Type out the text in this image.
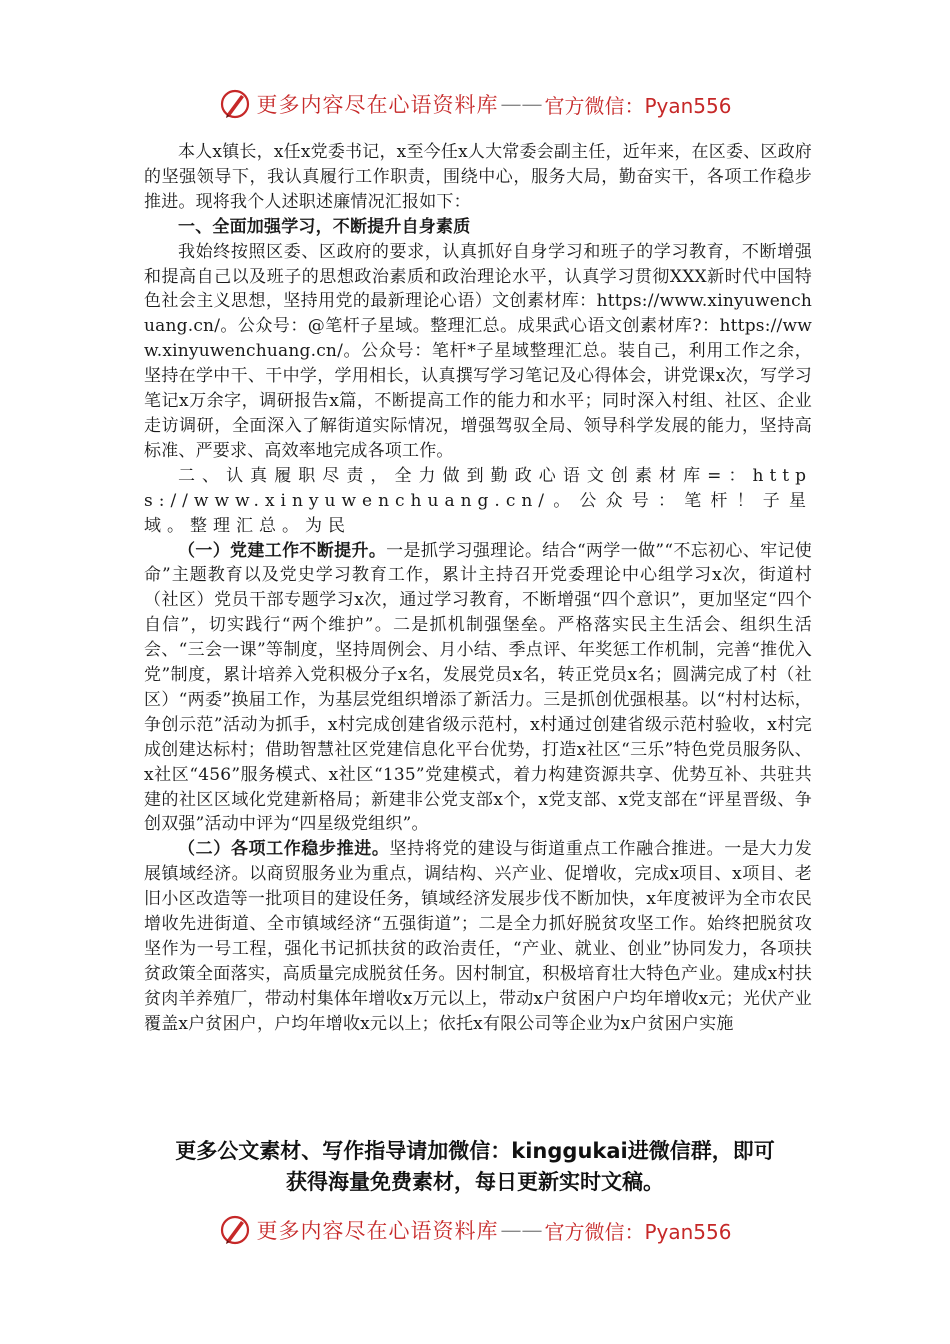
更多内容尽在心语资料库 —— 官方微信：Pyan556

本人x镇长，x任x党委书记，x至今任x人大常委会副主任，近年来，在区委、区政府的坚强领导下，我认真履行工作职责，围绕中心，服务大局，勤奋实干，各项工作稳步推进。现将我个人述职述廉情况汇报如下：

一、全面加强学习，不断提升自身素质

我始终按照区委、区政府的要求，认真抓好自身学习和班子的学习教育，不断增强和提高自己以及班子的思想政治素质和政治理论水平，认真学习贯彻XXX新时代中国特色社会主义思想，坚持用党的最新理论心语）文创素材库：https://www.xinyuwenchuang.cn/。公众号：@笔杆子星域。整理汇总。成果武心语文创素材库?：https://www.xinyuwenchuang.cn/。公众号：笔杆*子星域整理汇总。装自己，利用工作之余，坚持在学中干、干中学，学用相长，认真撰写学习笔记及心得体会，讲党课x次，写学习笔记x万余字，调研报告x篇，不断提高工作的能力和水平；同时深入村组、社区、企业走访调研，全面深入了解街道实际情况，增强驾驭全局、领导科学发展的能力，坚持高标准、严要求、高效率地完成各项工作。

二、认真履职尽责，全力做到勤政心语文创素材库=：https://www.xinyuwenchuang.cn/。公众号：笔杆！子星域。整理汇总。为民

（一）党建工作不断提升。一是抓学习强理论。结合“两学一做”“不忘初心、牢记使命”主题教育以及党史学习教育工作，累计主持召开党委理论中心组学习x次，街道村（社区）党员干部专题学习x次，通过学习教育，不断增强“四个意识”，更加坚定“四个自信”，切实践行“两个维护”。二是抓机制强堡垒。严格落实民主生活会、组织生活会、“三会一课”等制度，坚持周例会、月小结、季点评、年奖惩工作机制，完善“推优入党”制度，累计培养入党积极分子x名，发展党员x名，转正党员x名；圆满完成了村（社区）“两委”换届工作，为基层党组织增添了新活力。三是抓创优强根基。以“村村达标，争创示范”活动为抓手，x村完成创建省级示范村，x村通过创建省级示范村验收，x村完成创建达标村；借助智慧社区党建信息化平台优势，打造x社区“三乐”特色党员服务队、x社区“456”服务模式、x社区“135”党建模式，着力构建资源共享、优势互补、共驻共建的社区区域化党建新格局；新建非公党支部x个，x党支部、x党支部在“评星晋级、争创双强”活动中评为“四星级党组织”。

（二）各项工作稳步推进。坚持将党的建设与街道重点工作融合推进。一是大力发展镇域经济。以商贸服务业为重点，调结构、兴产业、促增收，完成x项目、x项目、老旧小区改造等一批项目的建设任务，镇域经济发展步伐不断加快，x年度被评为全市农民增收先进街道、全市镇域经济“五强街道”；二是全力抓好脱贫攻坚工作。始终把脱贫攻坚作为一号工程，强化书记抓扶贫的政治责任，“产业、就业、创业”协同发力，各项扶贫政策全面落实，高质量完成脱贫任务。因村制宜，积极培育壮大特色产业。建成x村扶贫肉羊养殖厂，带动村集体年增收x万元以上，带动x户贫困户户均年增收x元；光伏产业覆盖x户贫困户，户均年增收x元以上；依托x有限公司等企业为x户贫困户实施

更多公文素材、写作指导请加微信：kinggukai进微信群，即可
获得海量免费素材，每日更新实时文稿。
更多内容尽在心语资料库 —— 官方微信：Pyan556
